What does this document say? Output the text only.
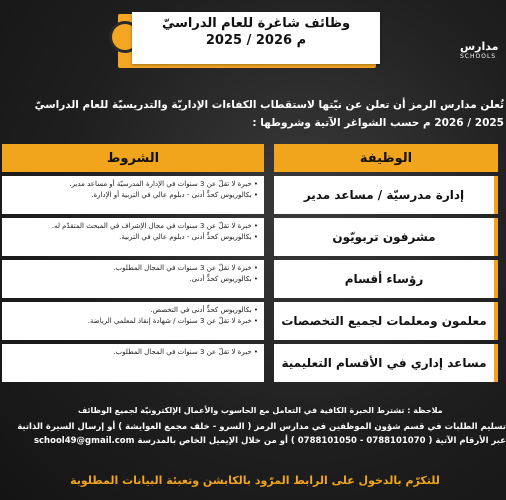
وظائف شاغرة للعام الدراسيّ
2025 / 2026 م	مدارس
SCHOOLS
تُعلن مدارس الرمز أن تعلن عن نيّتها لاستقطاب الكفاءات الإداريّة والتدريسيّة للعام الدراسيّ
2025 / 2026 م حسب الشواغر الآتية وشروطها :
الوظيفة
الشروط
إدارة مدرسيّة / مساعد مدير
• خبرة لا تقلّ عن 3 سنوات في الإدارة المدرسيّة أو مساعد مدير.
• بكالوريوس كحدٍّ أدنى - دبلوم عالي في التربية أو الإدارة.
مشرفون تربويّون
• خبرة لا تقلّ عن 3 سنوات في مجال الإشراف في المبحث المتقدّم له.
• بكالوريوس كحدٍّ أدنى - دبلوم عالي في التربية.
رؤساء أقسام
• خبرة لا تقلّ عن 3 سنوات في المجال المطلوب.
• بكالوريوس كحدٍّ أدنى.
معلمون ومعلمات لجميع التخصصات
• بكالوريوس كحدٍّ أدنى في التخصص.
• خبرة لا تقلّ عن 3 سنوات / شهادة إنقاذ لمعلمي الرياضة.
مساعد إداري في الأقسام التعليمية
• خبرة لا تقلّ عن 3 سنوات في المجال المطلوب.
ملاحظة : تشترط الخبرة الكافية في التعامل مع الحاسوب والأعمال الإلكترونيّة لجميع الوظائف
تسليم الطلبات في قسم شؤون الموظفين في مدارس الرمز ( السرو - خلف مجمع العوايشة ) أو إرسال السيرة الذاتية
عبر الأرقام الآتية ( 0788101070 - 0788101050 ) أو من خلال الإيميل الخاص بالمدرسة school49@gmail.com
للتكرّم بالدخول على الرابط المرّود بالكابشن وتعبئة البيانات المطلوبة
